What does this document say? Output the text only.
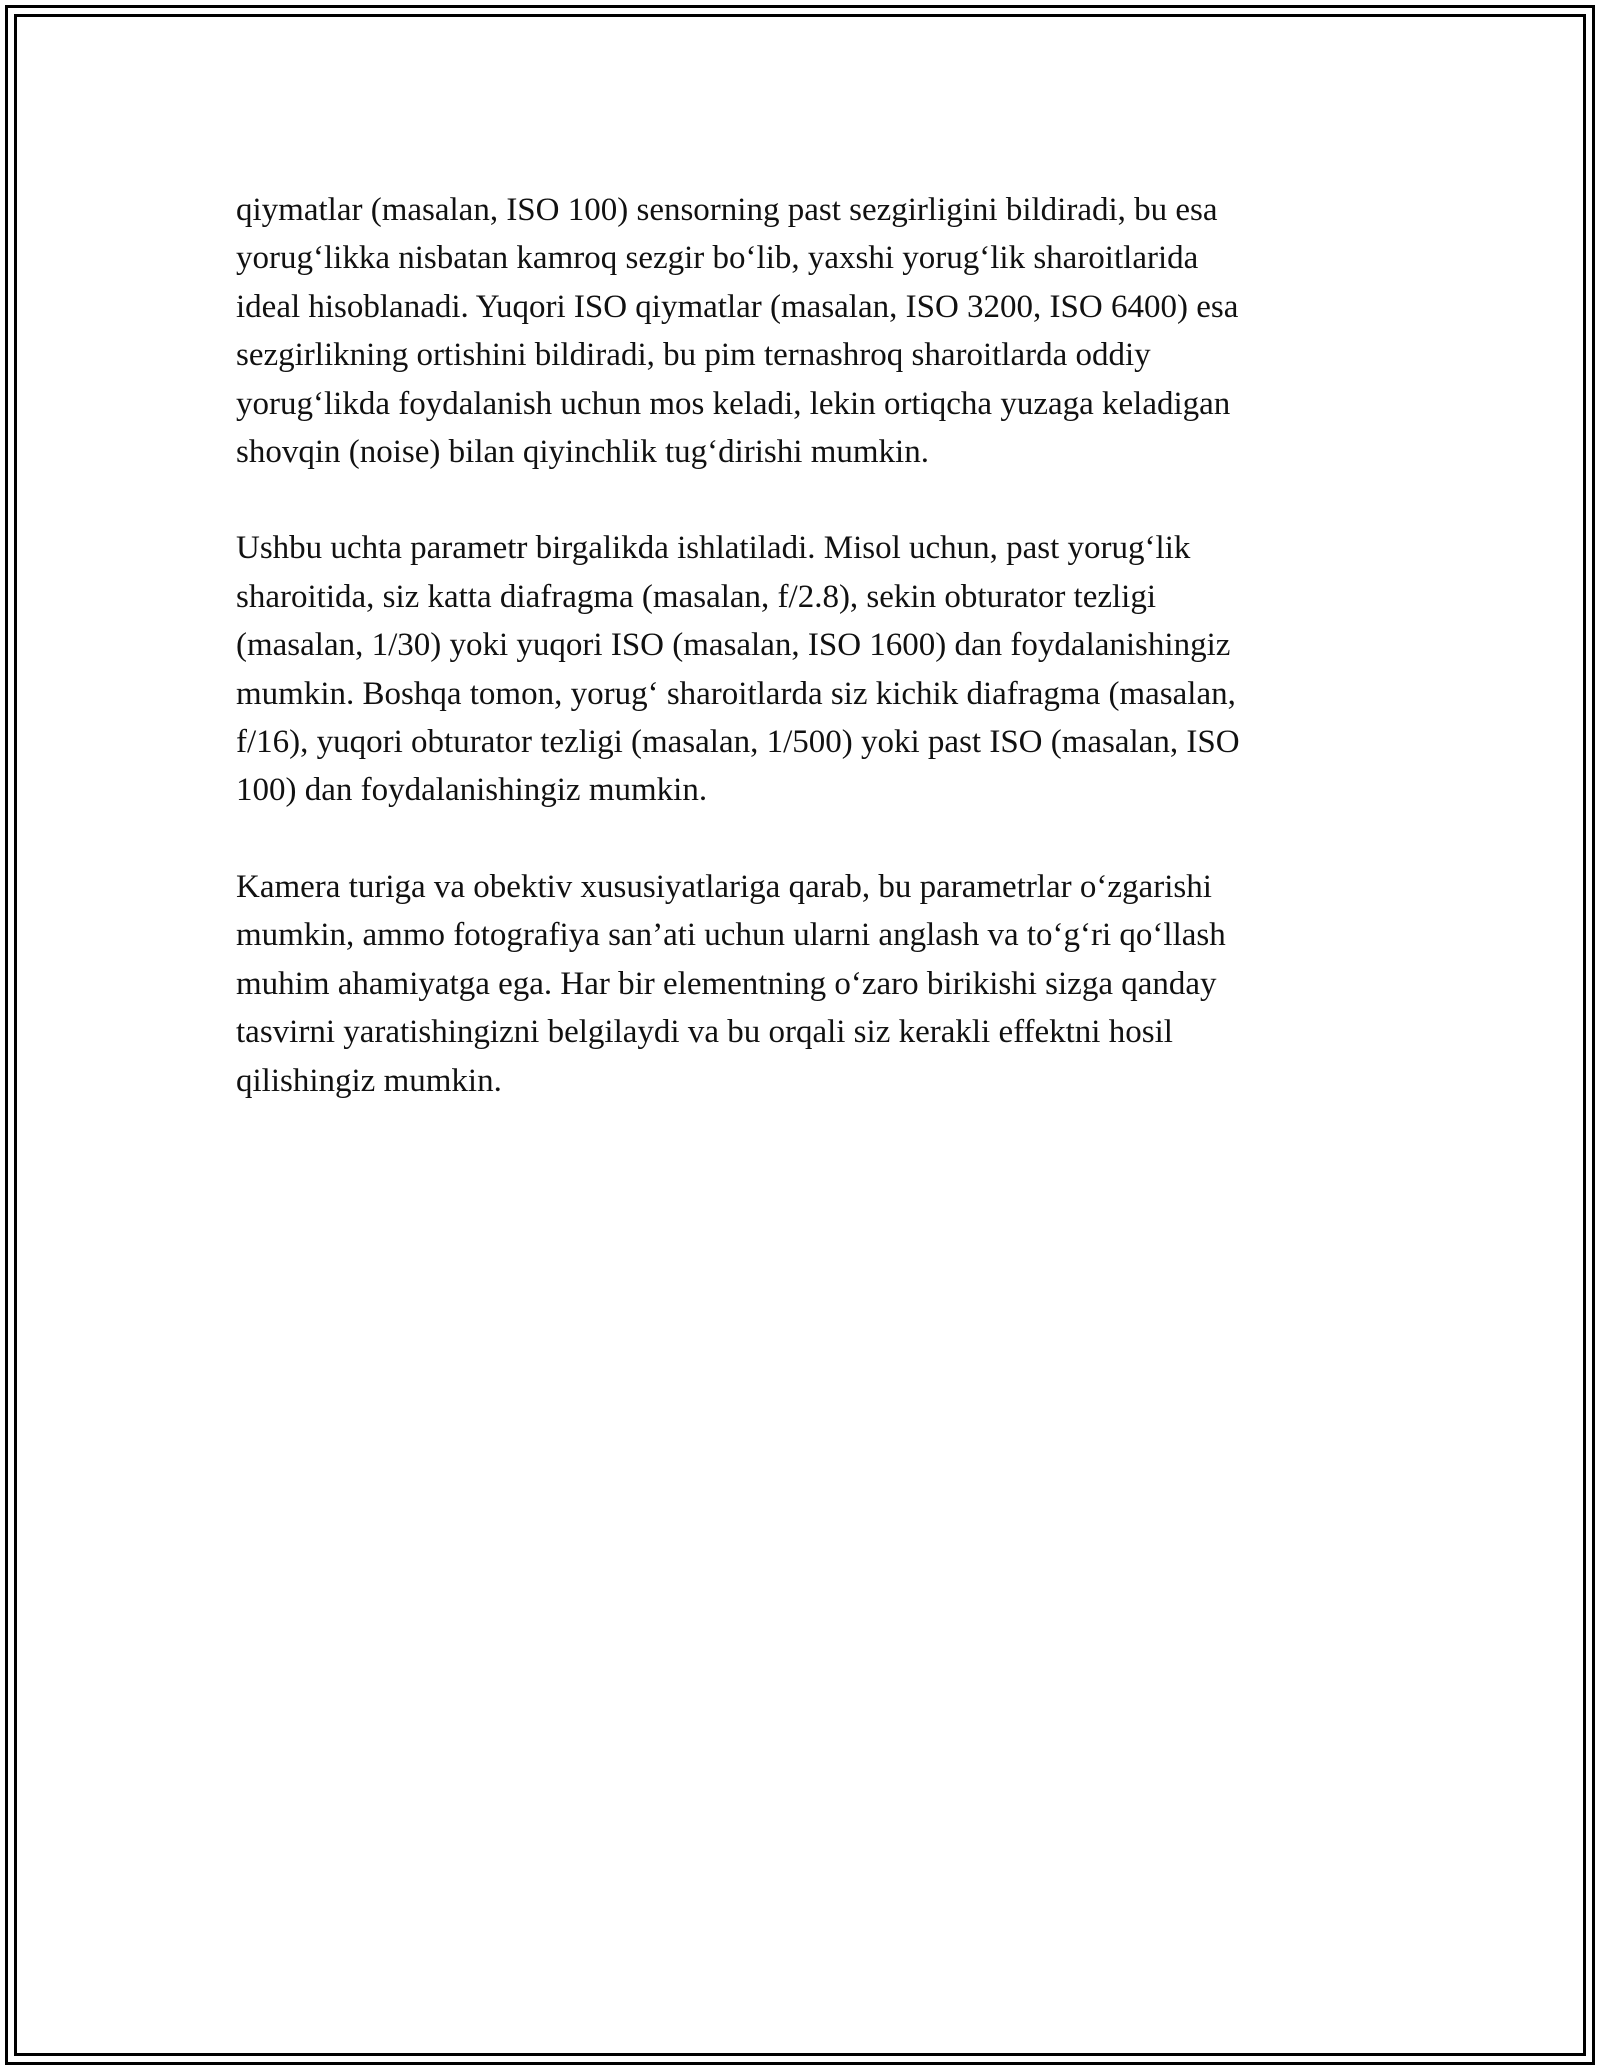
qiymatlar (masalan, ISO 100) sensorning past sezgirligini bildiradi, bu esa
yorug‘likka nisbatan kamroq sezgir bo‘lib, yaxshi yorug‘lik sharoitlarida
ideal hisoblanadi. Yuqori ISO qiymatlar (masalan, ISO 3200, ISO 6400) esa
sezgirlikning ortishini bildiradi, bu pim ternashroq sharoitlarda oddiy
yorug‘likda foydalanish uchun mos keladi, lekin ortiqcha yuzaga keladigan
shovqin (noise) bilan qiyinchlik tug‘dirishi mumkin.

Ushbu uchta parametr birgalikda ishlatiladi. Misol uchun, past yorug‘lik
sharoitida, siz katta diafragma (masalan, f/2.8), sekin obturator tezligi
(masalan, 1/30) yoki yuqori ISO (masalan, ISO 1600) dan foydalanishingiz
mumkin. Boshqa tomon, yorug‘ sharoitlarda siz kichik diafragma (masalan,
f/16), yuqori obturator tezligi (masalan, 1/500) yoki past ISO (masalan, ISO
100) dan foydalanishingiz mumkin.

Kamera turiga va obektiv xususiyatlariga qarab, bu parametrlar o‘zgarishi
mumkin, ammo fotografiya san’ati uchun ularni anglash va to‘g‘ri qo‘llash
muhim ahamiyatga ega. Har bir elementning o‘zaro birikishi sizga qanday
tasvirni yaratishingizni belgilaydi va bu orqali siz kerakli effektni hosil
qilishingiz mumkin.
